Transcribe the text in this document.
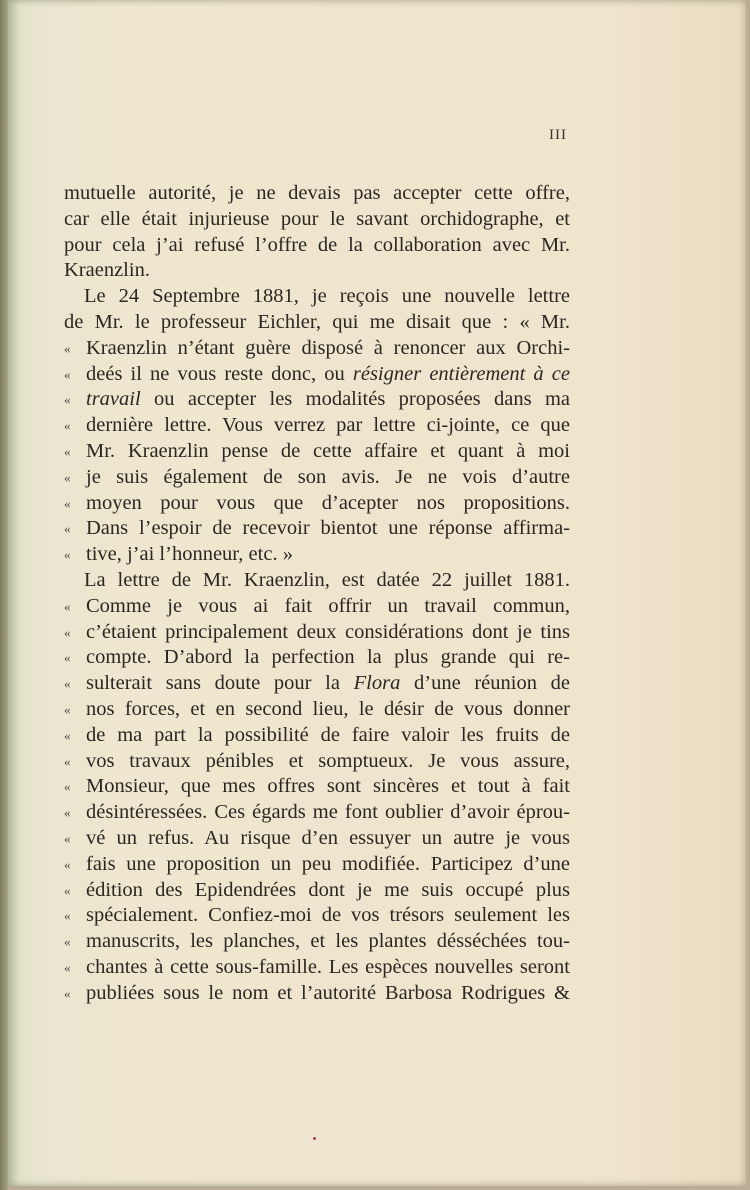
III
mutuelle autorité, je ne devais pas accepter cette offre,
car elle était injurieuse pour le savant orchidographe, et
pour cela j’ai refusé l’offre de la collaboration avec Mr.
Kraenzlin.
Le 24 Septembre 1881, je reçois une nouvelle lettre
de Mr. le professeur Eichler, qui me disait que : « Mr.
« Kraenzlin n’étant guère disposé à renoncer aux Orchi-
« deés il ne vous reste donc, ou résigner entièrement à ce
« travail ou accepter les modalités proposées dans ma
« dernière lettre. Vous verrez par lettre ci-jointe, ce que
« Mr. Kraenzlin pense de cette affaire et quant à moi
« je suis également de son avis. Je ne vois d’autre
« moyen pour vous que d’acepter nos propositions.
« Dans l’espoir de recevoir bientot une réponse affirma-
« tive, j’ai l’honneur, etc. »
La lettre de Mr. Kraenzlin, est datée 22 juillet 1881.
« Comme je vous ai fait offrir un travail commun,
« c’étaient principalement deux considérations dont je tins
« compte. D’abord la perfection la plus grande qui re-
« sulterait sans doute pour la Flora d’une réunion de
« nos forces, et en second lieu, le désir de vous donner
« de ma part la possibilité de faire valoir les fruits de
« vos travaux pénibles et somptueux. Je vous assure,
« Monsieur, que mes offres sont sincères et tout à fait
« désintéressées. Ces égards me font oublier d’avoir éprou-
« vé un refus. Au risque d’en essuyer un autre je vous
« fais une proposition un peu modifiée. Participez d’une
« édition des Epidendrées dont je me suis occupé plus
« spécialement. Confiez-moi de vos trésors seulement les
« manuscrits, les planches, et les plantes désséchées tou-
« chantes à cette sous-famille. Les espèces nouvelles seront
« publiées sous le nom et l’autorité Barbosa Rodrigues &
